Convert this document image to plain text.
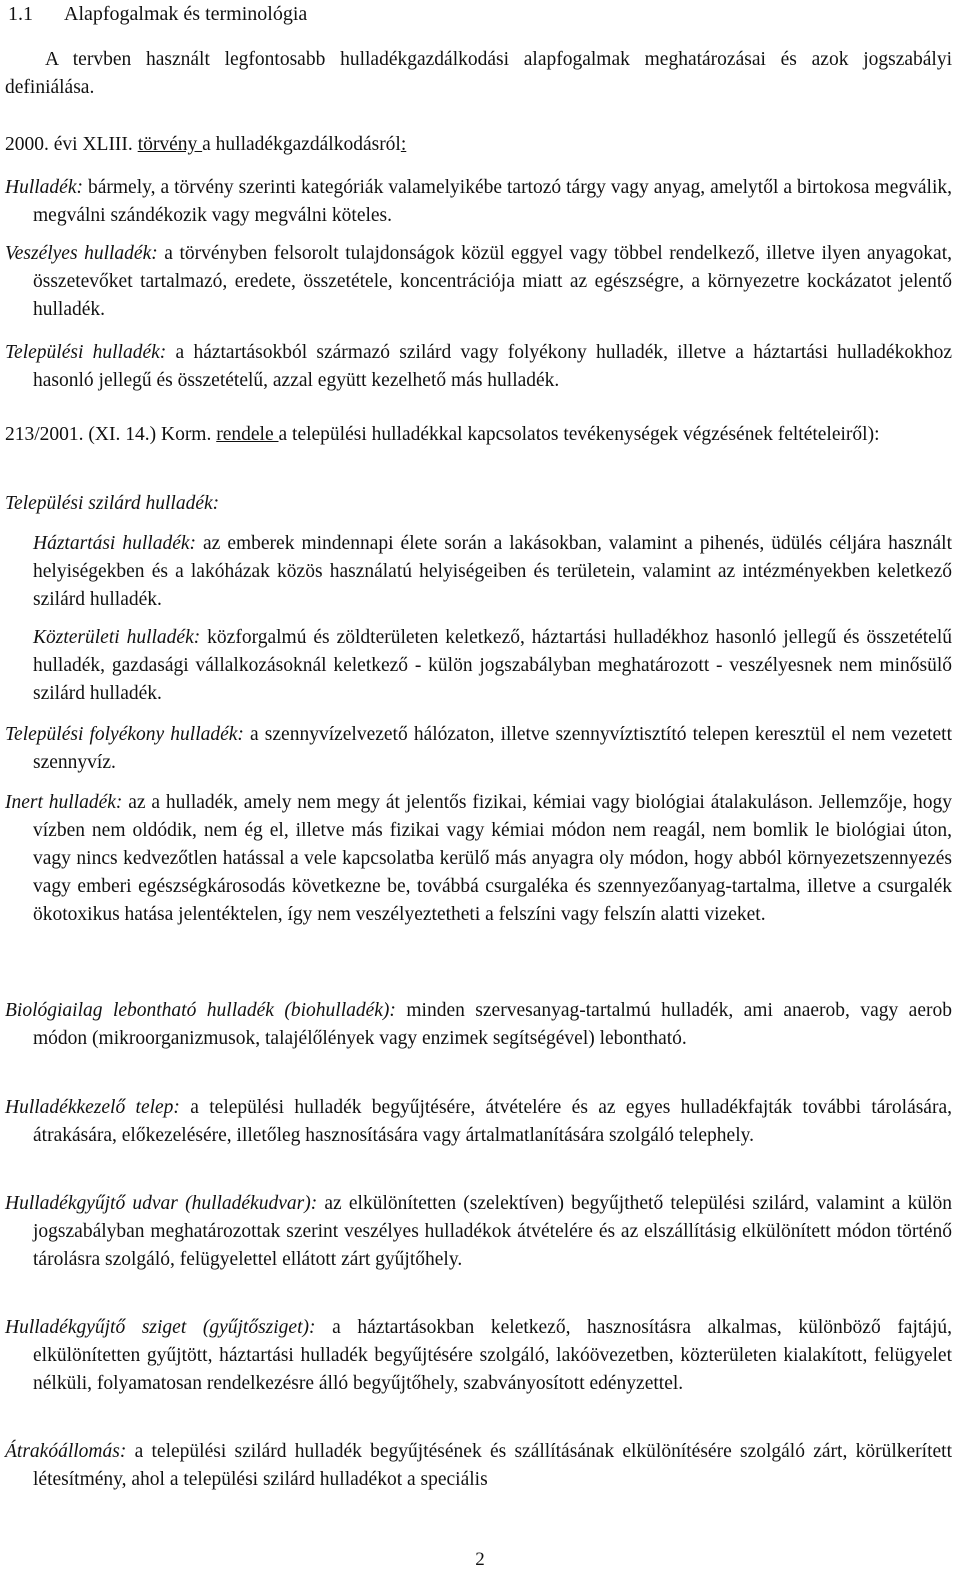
1.1 Alapfogalmak és terminológia
A tervben használt legfontosabb hulladékgazdálkodási alapfogalmak meghatározásai és azok jogszabályi definiálása.
2000. évi XLIII. törvény a hulladékgazdálkodásról:
Hulladék: bármely, a törvény szerinti kategóriák valamelyikébe tartozó tárgy vagy anyag, amelytől a birtokosa megválik, megválni szándékozik vagy megválni köteles.
Veszélyes hulladék: a törvényben felsorolt tulajdonságok közül eggyel vagy többel rendelkező, illetve ilyen anyagokat, összetevőket tartalmazó, eredete, összetétele, koncentrációja miatt az egészségre, a környezetre kockázatot jelentő hulladék.
Települési hulladék: a háztartásokból származó szilárd vagy folyékony hulladék, illetve a háztartási hulladékokhoz hasonló jellegű és összetételű, azzal együtt kezelhető más hulladék.
213/2001. (XI. 14.) Korm. rendele a települési hulladékkal kapcsolatos tevékenységek végzésének feltételeiről):
Települési szilárd hulladék:
Háztartási hulladék: az emberek mindennapi élete során a lakásokban, valamint a pihenés, üdülés céljára használt helyiségekben és a lakóházak közös használatú helyiségeiben és területein, valamint az intézményekben keletkező szilárd hulladék.
Közterületi hulladék: közforgalmú és zöldterületen keletkező, háztartási hulladékhoz hasonló jellegű és összetételű hulladék, gazdasági vállalkozásoknál keletkező - külön jogszabályban meghatározott - veszélyesnek nem minősülő szilárd hulladék.
Települési folyékony hulladék: a szennyvízelvezető hálózaton, illetve szennyvíztisztító telepen keresztül el nem vezetett szennyvíz.
Inert hulladék: az a hulladék, amely nem megy át jelentős fizikai, kémiai vagy biológiai átalakuláson. Jellemzője, hogy vízben nem oldódik, nem ég el, illetve más fizikai vagy kémiai módon nem reagál, nem bomlik le biológiai úton, vagy nincs kedvezőtlen hatással a vele kapcsolatba kerülő más anyagra oly módon, hogy abból környezetszennyezés vagy emberi egészségkárosodás következne be, továbbá csurgaléka és szennyezőanyag-tartalma, illetve a csurgalék ökotoxikus hatása jelentéktelen, így nem veszélyeztetheti a felszíni vagy felszín alatti vizeket.
Biológiailag lebontható hulladék (biohulladék): minden szervesanyag-tartalmú hulladék, ami anaerob, vagy aerob módon (mikroorganizmusok, talajélőlények vagy enzimek segítségével) lebontható.
Hulladékkezelő telep: a települési hulladék begyűjtésére, átvételére és az egyes hulladékfajták további tárolására, átrakására, előkezelésére, illetőleg hasznosítására vagy ártalmatlanítására szolgáló telephely.
Hulladékgyűjtő udvar (hulladékudvar): az elkülönítetten (szelektíven) begyűjthető települési szilárd, valamint a külön jogszabályban meghatározottak szerint veszélyes hulladékok átvételére és az elszállításig elkülönített módon történő tárolásra szolgáló, felügyelettel ellátott zárt gyűjtőhely.
Hulladékgyűjtő sziget (gyűjtősziget): a háztartásokban keletkező, hasznosításra alkalmas, különböző fajtájú, elkülönítetten gyűjtött, háztartási hulladék begyűjtésére szolgáló, lakóövezetben, közterületen kialakított, felügyelet nélküli, folyamatosan rendelkezésre álló begyűjtőhely, szabványosított edényzettel.
Átrakóállomás: a települési szilárd hulladék begyűjtésének és szállításának elkülönítésére szolgáló zárt, körülkerített létesítmény, ahol a települési szilárd hulladékot a speciális
2
